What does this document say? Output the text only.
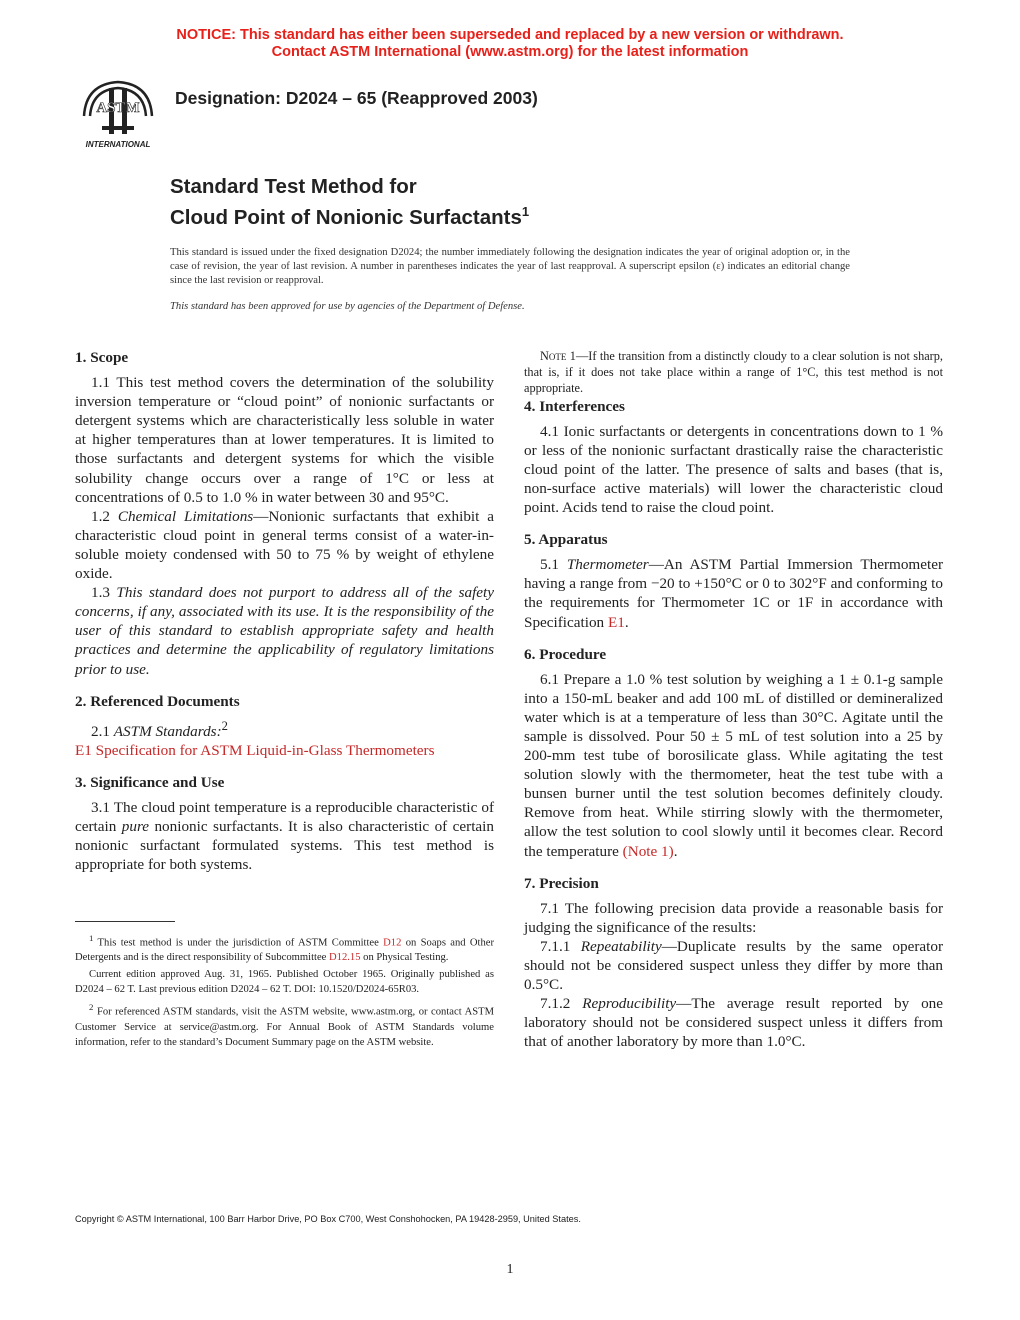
NOTICE: This standard has either been superseded and replaced by a new version or withdrawn.
Contact ASTM International (www.astm.org) for the latest information
ASTM
INTERNATIONAL
Designation: D2024 – 65 (Reapproved 2003)
Standard Test Method for
Cloud Point of Nonionic Surfactants$^1$
This standard is issued under the fixed designation D2024; the number immediately following the designation indicates the year of original adoption or, in the case of revision, the year of last revision. A number in parentheses indicates the year of last reapproval. A superscript epsilon (ε) indicates an editorial change since the last revision or reapproval.
This standard has been approved for use by agencies of the Department of Defense.
1. Scope

1.1 This test method covers the determination of the solubility inversion temperature or “cloud point” of nonionic surfactants or detergent systems which are characteristically less soluble in water at higher temperatures than at lower temperatures. It is limited to those surfactants and detergent systems for which the visible solubility change occurs over a range of 1°C or less at concentrations of 0.5 to 1.0 % in water between 30 and 95°C.

1.2 Chemical Limitations—Nonionic surfactants that exhibit a characteristic cloud point in general terms consist of a water-in-soluble moiety condensed with 50 to 75 % by weight of ethylene oxide.

1.3 This standard does not purport to address all of the safety concerns, if any, associated with its use. It is the responsibility of the user of this standard to establish appropriate safety and health practices and determine the applicability of regulatory limitations prior to use.

2. Referenced Documents

2.1 ASTM Standards:$^2$

E1 Specification for ASTM Liquid-in-Glass Thermometers

3. Significance and Use

3.1 The cloud point temperature is a reproducible characteristic of certain pure nonionic surfactants. It is also characteristic of certain nonionic surfactant formulated systems. This test method is appropriate for both systems.

$^1$ This test method is under the jurisdiction of ASTM Committee D12 on Soaps and Other Detergents and is the direct responsibility of Subcommittee D12.15 on Physical Testing.

Current edition approved Aug. 31, 1965. Published October 1965. Originally published as D2024 – 62 T. Last previous edition D2024 – 62 T. DOI: 10.1520/D2024-65R03.

$^2$ For referenced ASTM standards, visit the ASTM website, www.astm.org, or contact ASTM Customer Service at service@astm.org. For Annual Book of ASTM Standards volume information, refer to the standard’s Document Summary page on the ASTM website.

Note 1—If the transition from a distinctly cloudy to a clear solution is not sharp, that is, if it does not take place within a range of 1°C, this test method is not appropriate.

4. Interferences

4.1 Ionic surfactants or detergents in concentrations down to 1 % or less of the nonionic surfactant drastically raise the characteristic cloud point of the latter. The presence of salts and bases (that is, non-surface active materials) will lower the characteristic cloud point. Acids tend to raise the cloud point.

5. Apparatus

5.1 Thermometer—An ASTM Partial Immersion Thermometer having a range from −20 to +150°C or 0 to 302°F and conforming to the requirements for Thermometer 1C or 1F in accordance with Specification E1.

6. Procedure

6.1 Prepare a 1.0 % test solution by weighing a 1 ± 0.1-g sample into a 150-mL beaker and add 100 mL of distilled or demineralized water which is at a temperature of less than 30°C. Agitate until the sample is dissolved. Pour 50 ± 5 mL of test solution into a 25 by 200-mm test tube of borosilicate glass. While agitating the test solution slowly with the thermometer, heat the test tube with a bunsen burner until the test solution becomes definitely cloudy. Remove from heat. While stirring slowly with the thermometer, allow the test solution to cool slowly until it becomes clear. Record the temperature (Note 1).

7. Precision

7.1 The following precision data provide a reasonable basis for judging the significance of the results:

7.1.1 Repeatability—Duplicate results by the same operator should not be considered suspect unless they differ by more than 0.5°C.

7.1.2 Reproducibility—The average result reported by one laboratory should not be considered suspect unless it differs from that of another laboratory by more than 1.0°C.

Copyright © ASTM International, 100 Barr Harbor Drive, PO Box C700, West Conshohocken, PA 19428-2959, United States.
1
